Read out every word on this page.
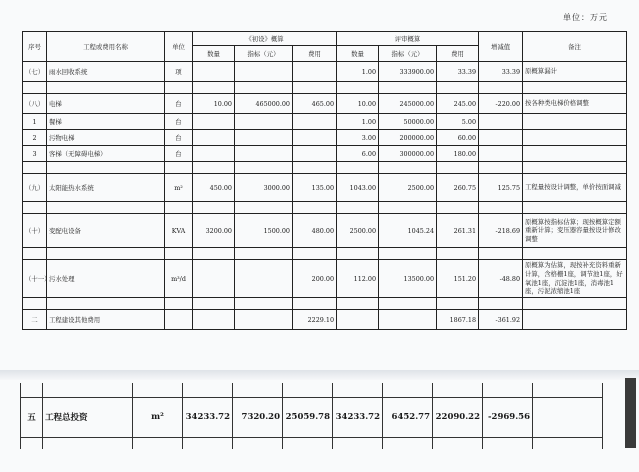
单位：万元
序号	工程或费用名称	单位	《初设》概算			评审概算			增减值	备注
			数量	指标（元）	费用	数量	指标（元）	费用		
（七）	雨水回收系统	项				1.00	333900.00	33.39	33.39	原概算漏计

（八）	电梯	台	10.00	465000.00	465.00	10.00	245000.00	245.00	-220.00	按各种类电梯价格调整
1	餐梯	台				1.00	50000.00	5.00		
2	污物电梯	台				3.00	200000.00	60.00		
3	客梯（无障碍电梯）	台				6.00	300000.00	180.00		

（九）	太阳能热水系统	m²	450.00	3000.00	135.00	1043.00	2500.00	260.75	125.75	工程量按设计调整，单价按面调减

（十）	变配电设备	KVA	3200.00	1500.00	480.00	2500.00	1045.24	261.31	-218.69	原概算按指标估算；现按概算定额重新计算；变压器容量按设计修改调整

（十一）	污水处理	m³/d			200.00	112.00	13500.00	151.20	-48.80	原概算为估算，现按补充资料重新计算，含格栅1座，调节池1座，好氧池1座，沉淀池1座，消毒池1座，污泥浓缩池1座

二	工程建设其他费用				2229.10			1867.18	-361.92	

五	工程总投资	m²	34233.72	7320.20	25059.78	34233.72	6452.77	22090.22	-2969.56	
